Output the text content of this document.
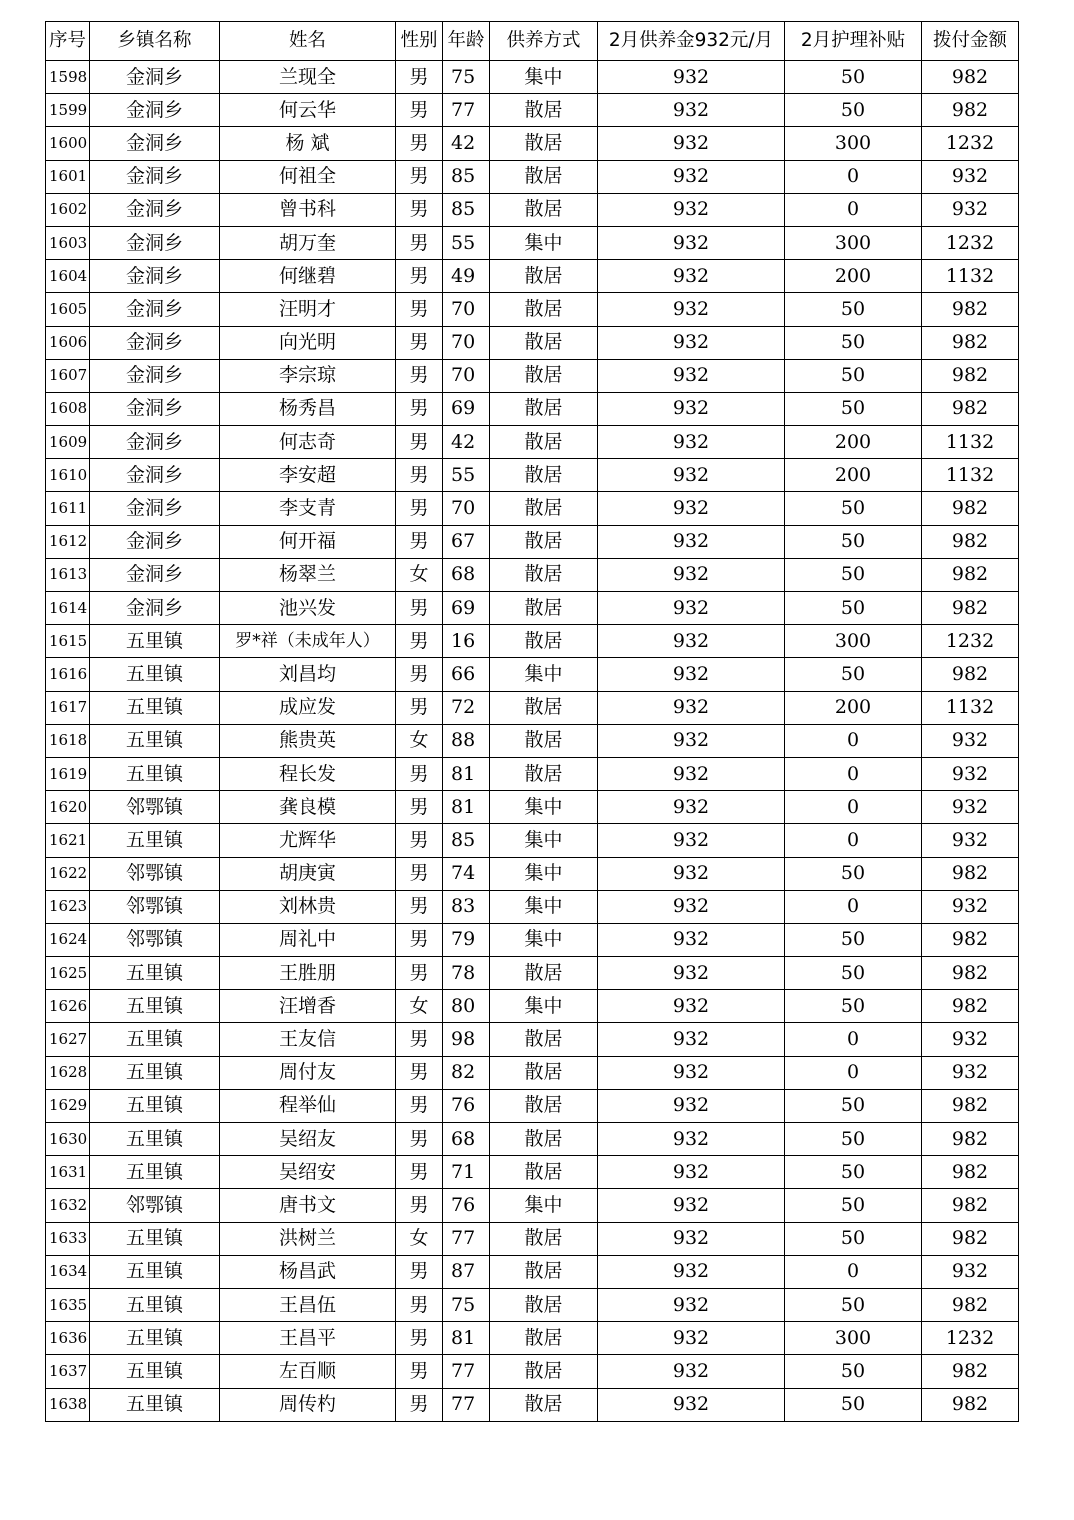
序号	乡镇名称	姓名	性别	年龄	供养方式	2月供养金932元/月	2月护理补贴	拨付金额
1598	金洞乡	兰现全	男	75	集中	932	50	982
1599	金洞乡	何云华	男	77	散居	932	50	982
1600	金洞乡	杨 斌	男	42	散居	932	300	1232
1601	金洞乡	何祖全	男	85	散居	932	0	932
1602	金洞乡	曾书科	男	85	散居	932	0	932
1603	金洞乡	胡万奎	男	55	集中	932	300	1232
1604	金洞乡	何继碧	男	49	散居	932	200	1132
1605	金洞乡	汪明才	男	70	散居	932	50	982
1606	金洞乡	向光明	男	70	散居	932	50	982
1607	金洞乡	李宗琼	男	70	散居	932	50	982
1608	金洞乡	杨秀昌	男	69	散居	932	50	982
1609	金洞乡	何志奇	男	42	散居	932	200	1132
1610	金洞乡	李安超	男	55	散居	932	200	1132
1611	金洞乡	李支青	男	70	散居	932	50	982
1612	金洞乡	何开福	男	67	散居	932	50	982
1613	金洞乡	杨翠兰	女	68	散居	932	50	982
1614	金洞乡	池兴发	男	69	散居	932	50	982
1615	五里镇	罗*祥（未成年人）	男	16	散居	932	300	1232
1616	五里镇	刘昌均	男	66	集中	932	50	982
1617	五里镇	成应发	男	72	散居	932	200	1132
1618	五里镇	熊贵英	女	88	散居	932	0	932
1619	五里镇	程长发	男	81	散居	932	0	932
1620	邻鄂镇	龚良模	男	81	集中	932	0	932
1621	五里镇	尤辉华	男	85	集中	932	0	932
1622	邻鄂镇	胡庚寅	男	74	集中	932	50	982
1623	邻鄂镇	刘林贵	男	83	集中	932	0	932
1624	邻鄂镇	周礼中	男	79	集中	932	50	982
1625	五里镇	王胜朋	男	78	散居	932	50	982
1626	五里镇	汪增香	女	80	集中	932	50	982
1627	五里镇	王友信	男	98	散居	932	0	932
1628	五里镇	周付友	男	82	散居	932	0	932
1629	五里镇	程举仙	男	76	散居	932	50	982
1630	五里镇	吴绍友	男	68	散居	932	50	982
1631	五里镇	吴绍安	男	71	散居	932	50	982
1632	邻鄂镇	唐书文	男	76	集中	932	50	982
1633	五里镇	洪树兰	女	77	散居	932	50	982
1634	五里镇	杨昌武	男	87	散居	932	0	932
1635	五里镇	王昌伍	男	75	散居	932	50	982
1636	五里镇	王昌平	男	81	散居	932	300	1232
1637	五里镇	左百顺	男	77	散居	932	50	982
1638	五里镇	周传杓	男	77	散居	932	50	982
